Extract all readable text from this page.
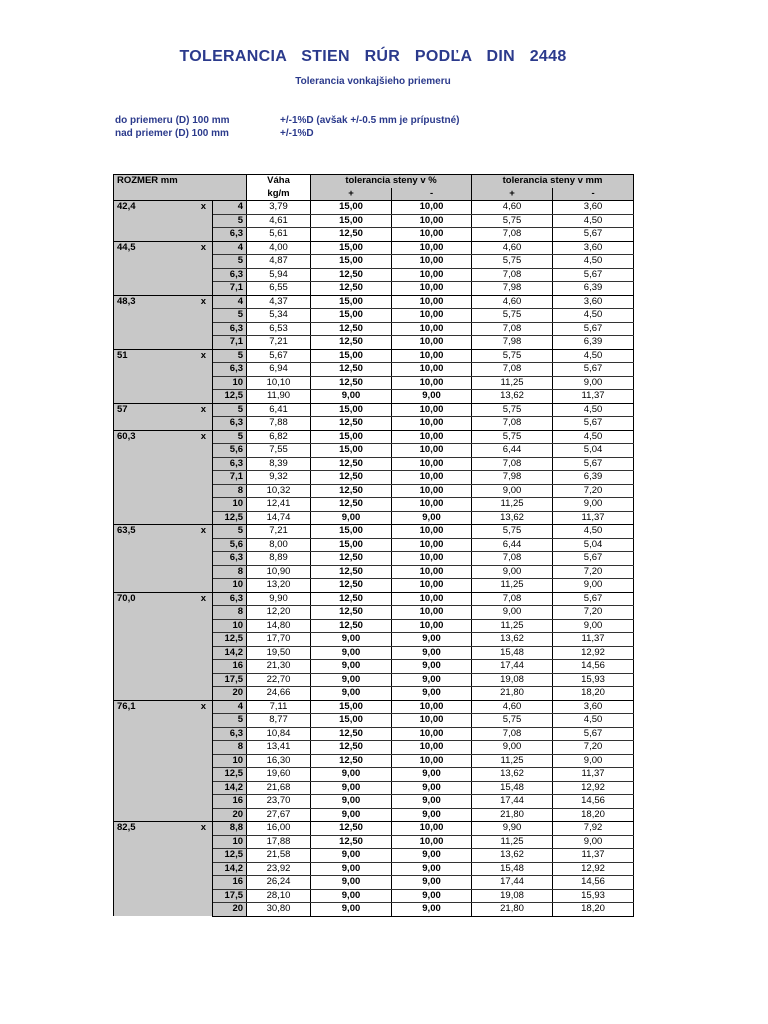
TOLERANCIA STIEN RÚR PODĽA DIN 2448
Tolerancia vonkajšieho priemeru
do priemeru (D) 100 mm	+/-1%D (avšak +/-0.5 mm je prípustné)
nad priemer (D) 100 mm	+/-1%D
ROZMER mm		Váha	tolerancia steny v %		tolerancia steny v mm	
		kg/m	+	-	+	-
42,4 x	4	3,79	15,00	10,00	4,60	3,60
	5	4,61	15,00	10,00	5,75	4,50
	6,3	5,61	12,50	10,00	7,08	5,67
44,5 x	4	4,00	15,00	10,00	4,60	3,60
	5	4,87	15,00	10,00	5,75	4,50
	6,3	5,94	12,50	10,00	7,08	5,67
	7,1	6,55	12,50	10,00	7,98	6,39
48,3 x	4	4,37	15,00	10,00	4,60	3,60
	5	5,34	15,00	10,00	5,75	4,50
	6,3	6,53	12,50	10,00	7,08	5,67
	7,1	7,21	12,50	10,00	7,98	6,39
51 x	5	5,67	15,00	10,00	5,75	4,50
	6,3	6,94	12,50	10,00	7,08	5,67
	10	10,10	12,50	10,00	11,25	9,00
	12,5	11,90	9,00	9,00	13,62	11,37
57 x	5	6,41	15,00	10,00	5,75	4,50
	6,3	7,88	12,50	10,00	7,08	5,67
60,3 x	5	6,82	15,00	10,00	5,75	4,50
	5,6	7,55	15,00	10,00	6,44	5,04
	6,3	8,39	12,50	10,00	7,08	5,67
	7,1	9,32	12,50	10,00	7,98	6,39
	8	10,32	12,50	10,00	9,00	7,20
	10	12,41	12,50	10,00	11,25	9,00
	12,5	14,74	9,00	9,00	13,62	11,37
63,5 x	5	7,21	15,00	10,00	5,75	4,50
	5,6	8,00	15,00	10,00	6,44	5,04
	6,3	8,89	12,50	10,00	7,08	5,67
	8	10,90	12,50	10,00	9,00	7,20
	10	13,20	12,50	10,00	11,25	9,00
70,0 x	6,3	9,90	12,50	10,00	7,08	5,67
	8	12,20	12,50	10,00	9,00	7,20
	10	14,80	12,50	10,00	11,25	9,00
	12,5	17,70	9,00	9,00	13,62	11,37
	14,2	19,50	9,00	9,00	15,48	12,92
	16	21,30	9,00	9,00	17,44	14,56
	17,5	22,70	9,00	9,00	19,08	15,93
	20	24,66	9,00	9,00	21,80	18,20
76,1 x	4	7,11	15,00	10,00	4,60	3,60
	5	8,77	15,00	10,00	5,75	4,50
	6,3	10,84	12,50	10,00	7,08	5,67
	8	13,41	12,50	10,00	9,00	7,20
	10	16,30	12,50	10,00	11,25	9,00
	12,5	19,60	9,00	9,00	13,62	11,37
	14,2	21,68	9,00	9,00	15,48	12,92
	16	23,70	9,00	9,00	17,44	14,56
	20	27,67	9,00	9,00	21,80	18,20
82,5 x	8,8	16,00	12,50	10,00	9,90	7,92
	10	17,88	12,50	10,00	11,25	9,00
	12,5	21,58	9,00	9,00	13,62	11,37
	14,2	23,92	9,00	9,00	15,48	12,92
	16	26,24	9,00	9,00	17,44	14,56
	17,5	28,10	9,00	9,00	19,08	15,93
	20	30,80	9,00	9,00	21,80	18,20
